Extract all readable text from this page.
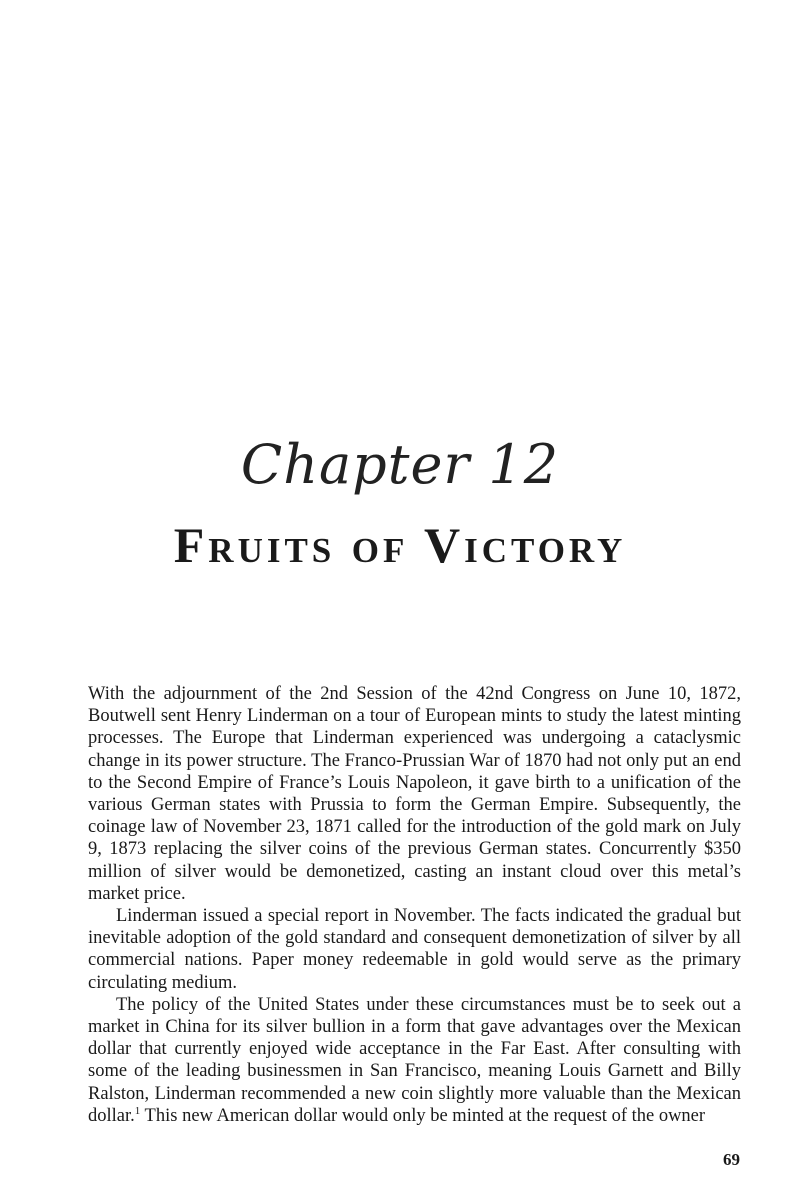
Chapter 12
Fruits of Victory

With the adjournment of the 2nd Session of the 42nd Congress on June 10, 1872, Boutwell sent Henry Linderman on a tour of European mints to study the latest minting processes. The Europe that Linderman experienced was undergoing a cataclysmic change in its power structure. The Franco-Prussian War of 1870 had not only put an end to the Second Empire of France’s Louis Napoleon, it gave birth to a unification of the various German states with Prussia to form the German Empire. Subsequently, the coinage law of November 23, 1871 called for the introduction of the gold mark on July 9, 1873 replacing the silver coins of the previous German states. Concurrently $350 million of silver would be demonetized, casting an instant cloud over this metal’s market price.

Linderman issued a special report in November. The facts indicated the gradual but inevitable adoption of the gold standard and consequent demonetization of silver by all commercial nations. Paper money redeemable in gold would serve as the primary circulating medium.

The policy of the United States under these circumstances must be to seek out a market in China for its silver bullion in a form that gave advantages over the Mexican dollar that currently enjoyed wide acceptance in the Far East. After consulting with some of the leading businessmen in San Francisco, meaning Louis Garnett and Billy Ralston, Linderman recommended a new coin slightly more valuable than the Mexican dollar.$^1$ This new American dollar would only be minted at the request of the owner

69
